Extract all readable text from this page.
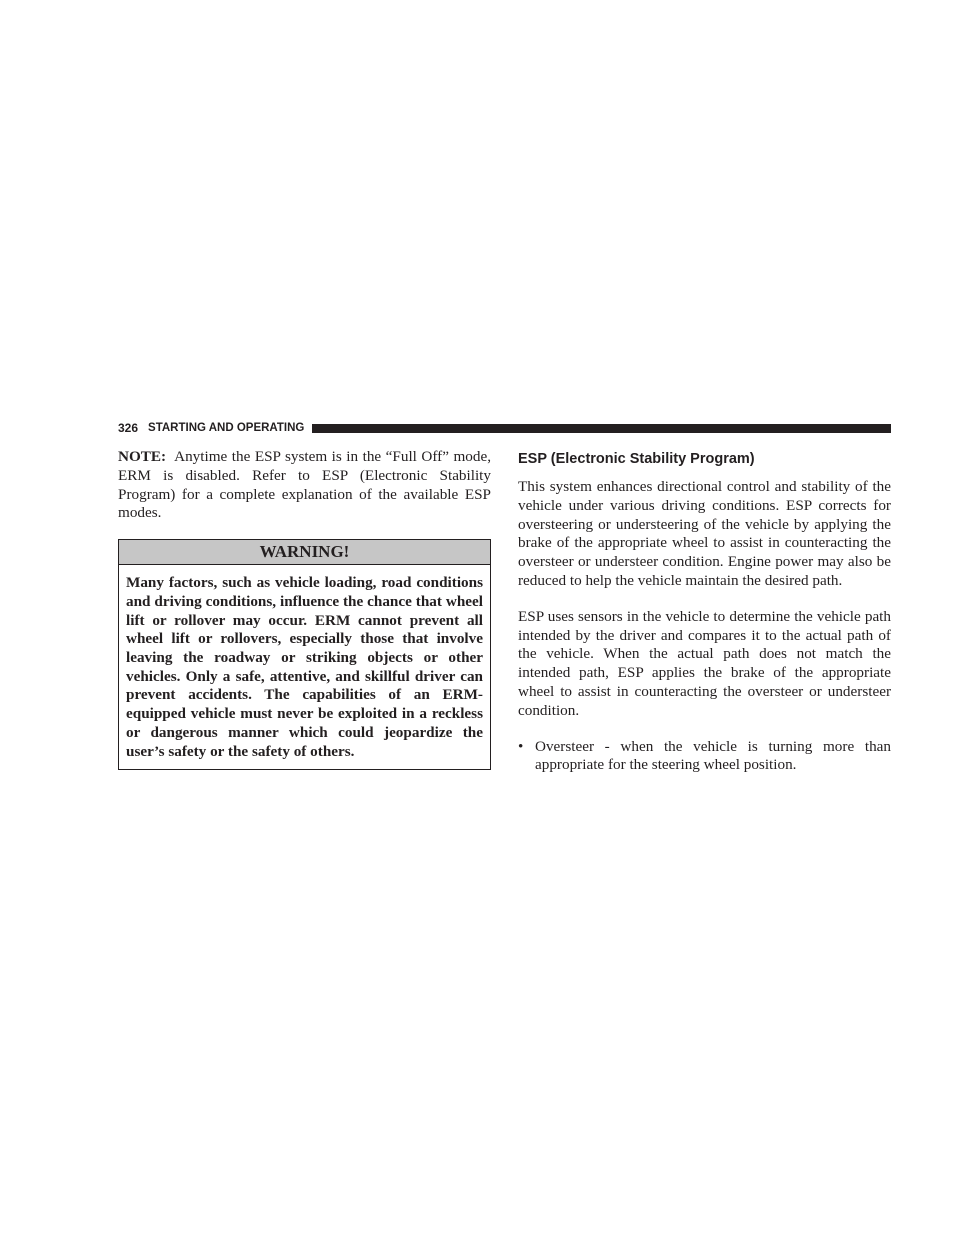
326 STARTING AND OPERATING

NOTE: Anytime the ESP system is in the “Full Off” mode, ERM is disabled. Refer to ESP (Electronic Stability Program) for a complete explanation of the available ESP modes.

WARNING!
Many factors, such as vehicle loading, road conditions and driving conditions, influence the chance that wheel lift or rollover may occur. ERM cannot prevent all wheel lift or rollovers, especially those that involve leaving the roadway or striking objects or other vehicles. Only a safe, attentive, and skillful driver can prevent accidents. The capabilities of an ERM-equipped vehicle must never be exploited in a reckless or dangerous manner which could jeopardize the user’s safety or the safety of others.
ESP (Electronic Stability Program)

This system enhances directional control and stability of the vehicle under various driving conditions. ESP corrects for oversteering or understeering of the vehicle by applying the brake of the appropriate wheel to assist in counteracting the oversteer or understeer condition. Engine power may also be reduced to help the vehicle maintain the desired path.

ESP uses sensors in the vehicle to determine the vehicle path intended by the driver and compares it to the actual path of the vehicle. When the actual path does not match the intended path, ESP applies the brake of the appropriate wheel to assist in counteracting the oversteer or understeer condition.

• Oversteer - when the vehicle is turning more than appropriate for the steering wheel position.
